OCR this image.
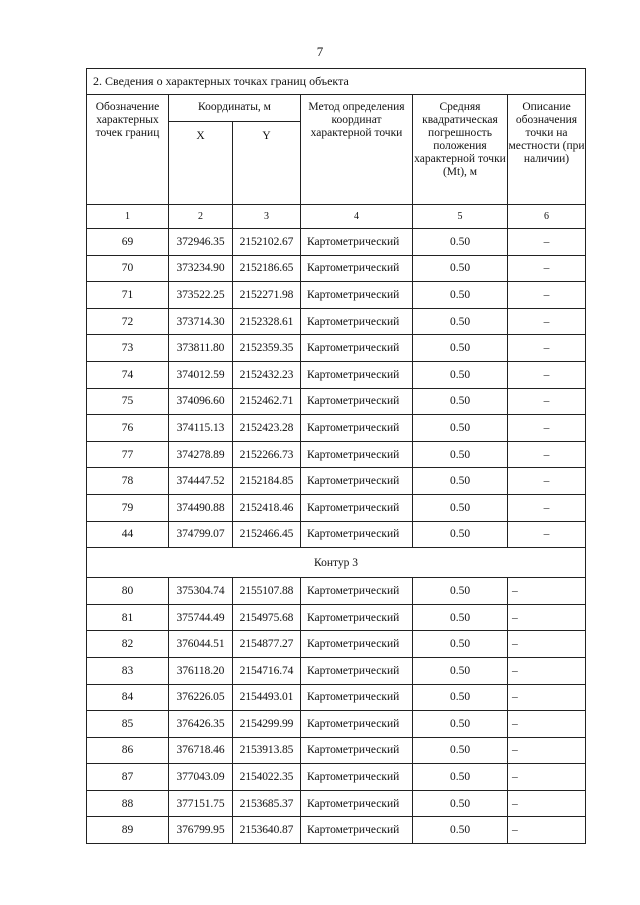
7
2. Сведения о характерных точках границ объекта					
Обозначение характерных точек границ	Координаты, м		Метод определения координат характерной точки	Средняя квадратическая погрешность положения характерной точки (Mt), м	Описание обозначения точки на местности (при наличии)
	X	Y			
1	2	3	4	5	6
69	372946.35	2152102.67	Картометрический	0.50	–
70	373234.90	2152186.65	Картометрический	0.50	–
71	373522.25	2152271.98	Картометрический	0.50	–
72	373714.30	2152328.61	Картометрический	0.50	–
73	373811.80	2152359.35	Картометрический	0.50	–
74	374012.59	2152432.23	Картометрический	0.50	–
75	374096.60	2152462.71	Картометрический	0.50	–
76	374115.13	2152423.28	Картометрический	0.50	–
77	374278.89	2152266.73	Картометрический	0.50	–
78	374447.52	2152184.85	Картометрический	0.50	–
79	374490.88	2152418.46	Картометрический	0.50	–
44	374799.07	2152466.45	Картометрический	0.50	–
Контур 3					
80	375304.74	2155107.88	Картометрический	0.50	–
81	375744.49	2154975.68	Картометрический	0.50	–
82	376044.51	2154877.27	Картометрический	0.50	–
83	376118.20	2154716.74	Картометрический	0.50	–
84	376226.05	2154493.01	Картометрический	0.50	–
85	376426.35	2154299.99	Картометрический	0.50	–
86	376718.46	2153913.85	Картометрический	0.50	–
87	377043.09	2154022.35	Картометрический	0.50	–
88	377151.75	2153685.37	Картометрический	0.50	–
89	376799.95	2153640.87	Картометрический	0.50	–
